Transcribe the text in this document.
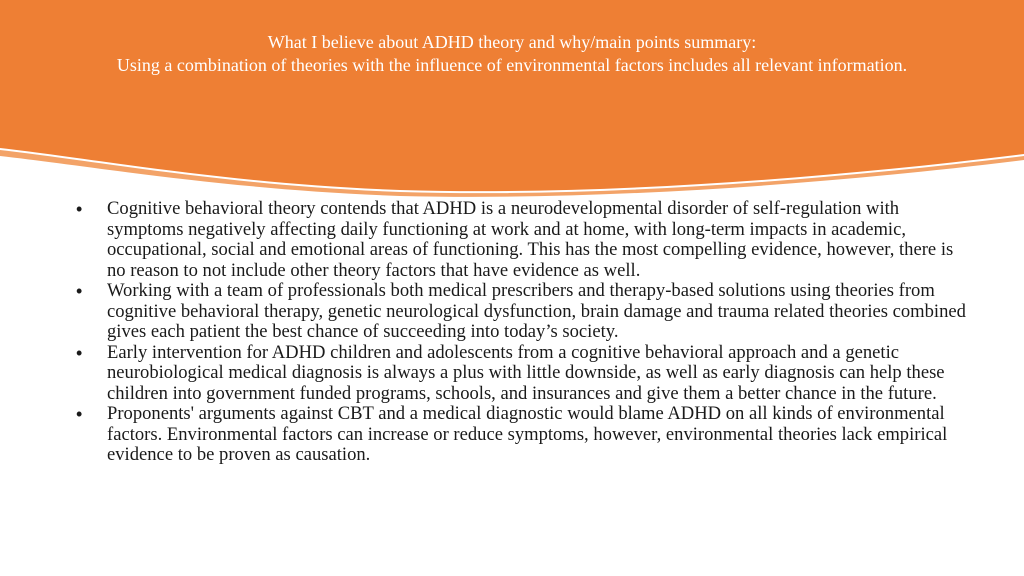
What I believe about ADHD theory and why/main points summary:
Using a combination of theories with the influence of environmental factors includes all relevant information.
•	Cognitive behavioral theory contends that ADHD is a neurodevelopmental disorder of self-regulation with symptoms negatively affecting daily functioning at work and at home, with long-term impacts in academic, occupational, social and emotional areas of functioning. This has the most compelling evidence, however, there is no reason to not include other theory factors that have evidence as well.
•	Working with a team of professionals both medical prescribers and therapy-based solutions using theories from cognitive behavioral therapy, genetic neurological dysfunction, brain damage and trauma related theories combined gives each patient the best chance of succeeding into today’s society.
•	Early intervention for ADHD children and adolescents from a cognitive behavioral approach and a genetic neurobiological medical diagnosis is always a plus with little downside, as well as early diagnosis can help these children into government funded programs, schools, and insurances and give them a better chance in the future.
•	Proponents' arguments against CBT and a medical diagnostic would blame ADHD on all kinds of environmental factors. Environmental factors can increase or reduce symptoms, however, environmental theories lack empirical evidence to be proven as causation.
